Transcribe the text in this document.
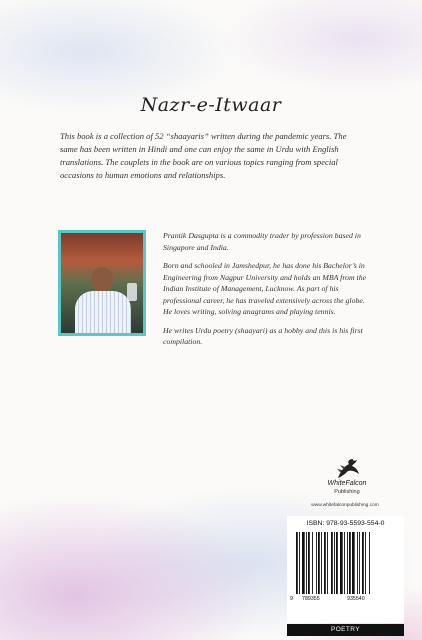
Nazr-e-Itwaar

This book is a collection of 52 “shaayaris” written during the pandemic years. The same has been written in Hindi and one can enjoy the same in Urdu with English translations. The couplets in the book are on various topics ranging from special occasions to human emotions and relationships.

Prantik Dasgupta is a commodity trader by profession based in Singapore and India.

Born and schooled in Jamshedpur, he has done his Bachelor’s in Engineering from Nagpur University and holds an MBA from the Indian Institute of Management, Lucknow. As part of his professional career, he has traveled extensively across the globe. He loves writing, solving anagrams and playing tennis.

He writes Urdu poetry (shaayari) as a hobby and this is his first compilation.

WhiteFalcon
Publishing
www.whitefalconpublishing.com
ISBN: 978-93-5593-554-0
9 789355	935540
POETRY
